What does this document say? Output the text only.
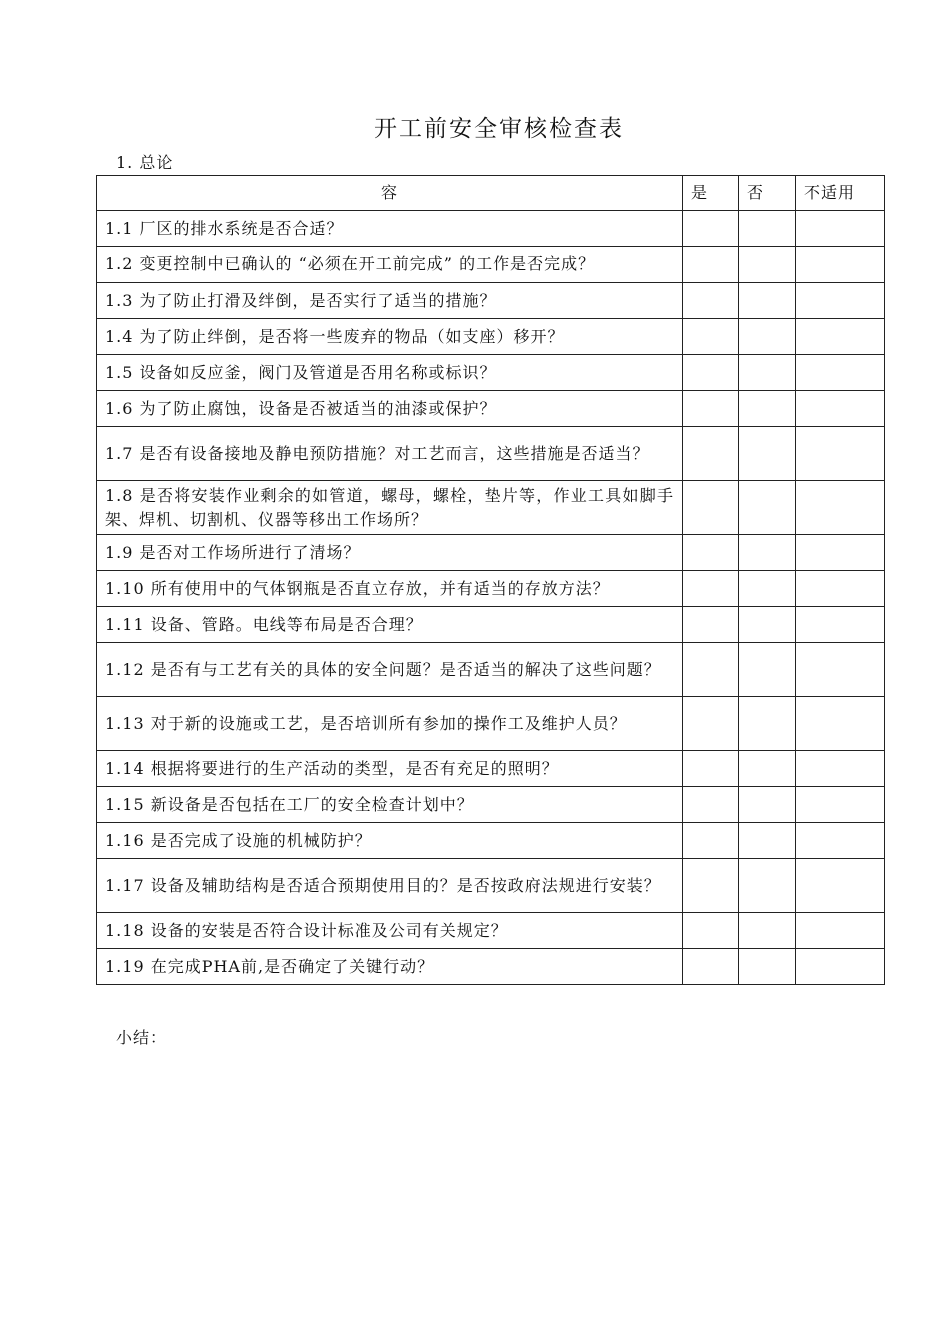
开工前安全审核检查表
1. 总论
容	是	否	不适用
1.1 厂区的排水系统是否合适？			

1.2 变更控制中已确认的 “必须在开工前完成” 的工作是否完成？			

1.3 为了防止打滑及绊倒，是否实行了适当的措施？			
1.4 为了防止绊倒，是否将一些废弃的物品（如支座）移开？			
1.5 设备如反应釜，阀门及管道是否用名称或标识？			
1.6 为了防止腐蚀，设备是否被适当的油漆或保护？			
1.7 是否有设备接地及静电预防措施？对工艺而言，这些措施是否适当？			
1.8 是否将安装作业剩余的如管道，螺母，螺栓，垫片等，作业工具如脚手架、焊机、切割机、仪器等移出工作场所？			
1.9 是否对工作场所进行了清场？			
1.10 所有使用中的气体钢瓶是否直立存放，并有适当的存放方法？			
1.11 设备、管路。电线等布局是否合理？			
1.12 是否有与工艺有关的具体的安全问题？是否适当的解决了这些问题？			
1.13 对于新的设施或工艺，是否培训所有参加的操作工及维护人员？			
1.14 根据将要进行的生产活动的类型，是否有充足的照明？			
1.15 新设备是否包括在工厂的安全检查计划中？			
1.16 是否完成了设施的机械防护？			
1.17 设备及辅助结构是否适合预期使用目的？是否按政府法规进行安装？			
1.18 设备的安装是否符合设计标准及公司有关规定？			
1.19 在完成PHA前,是否确定了关键行动？			
小结：
